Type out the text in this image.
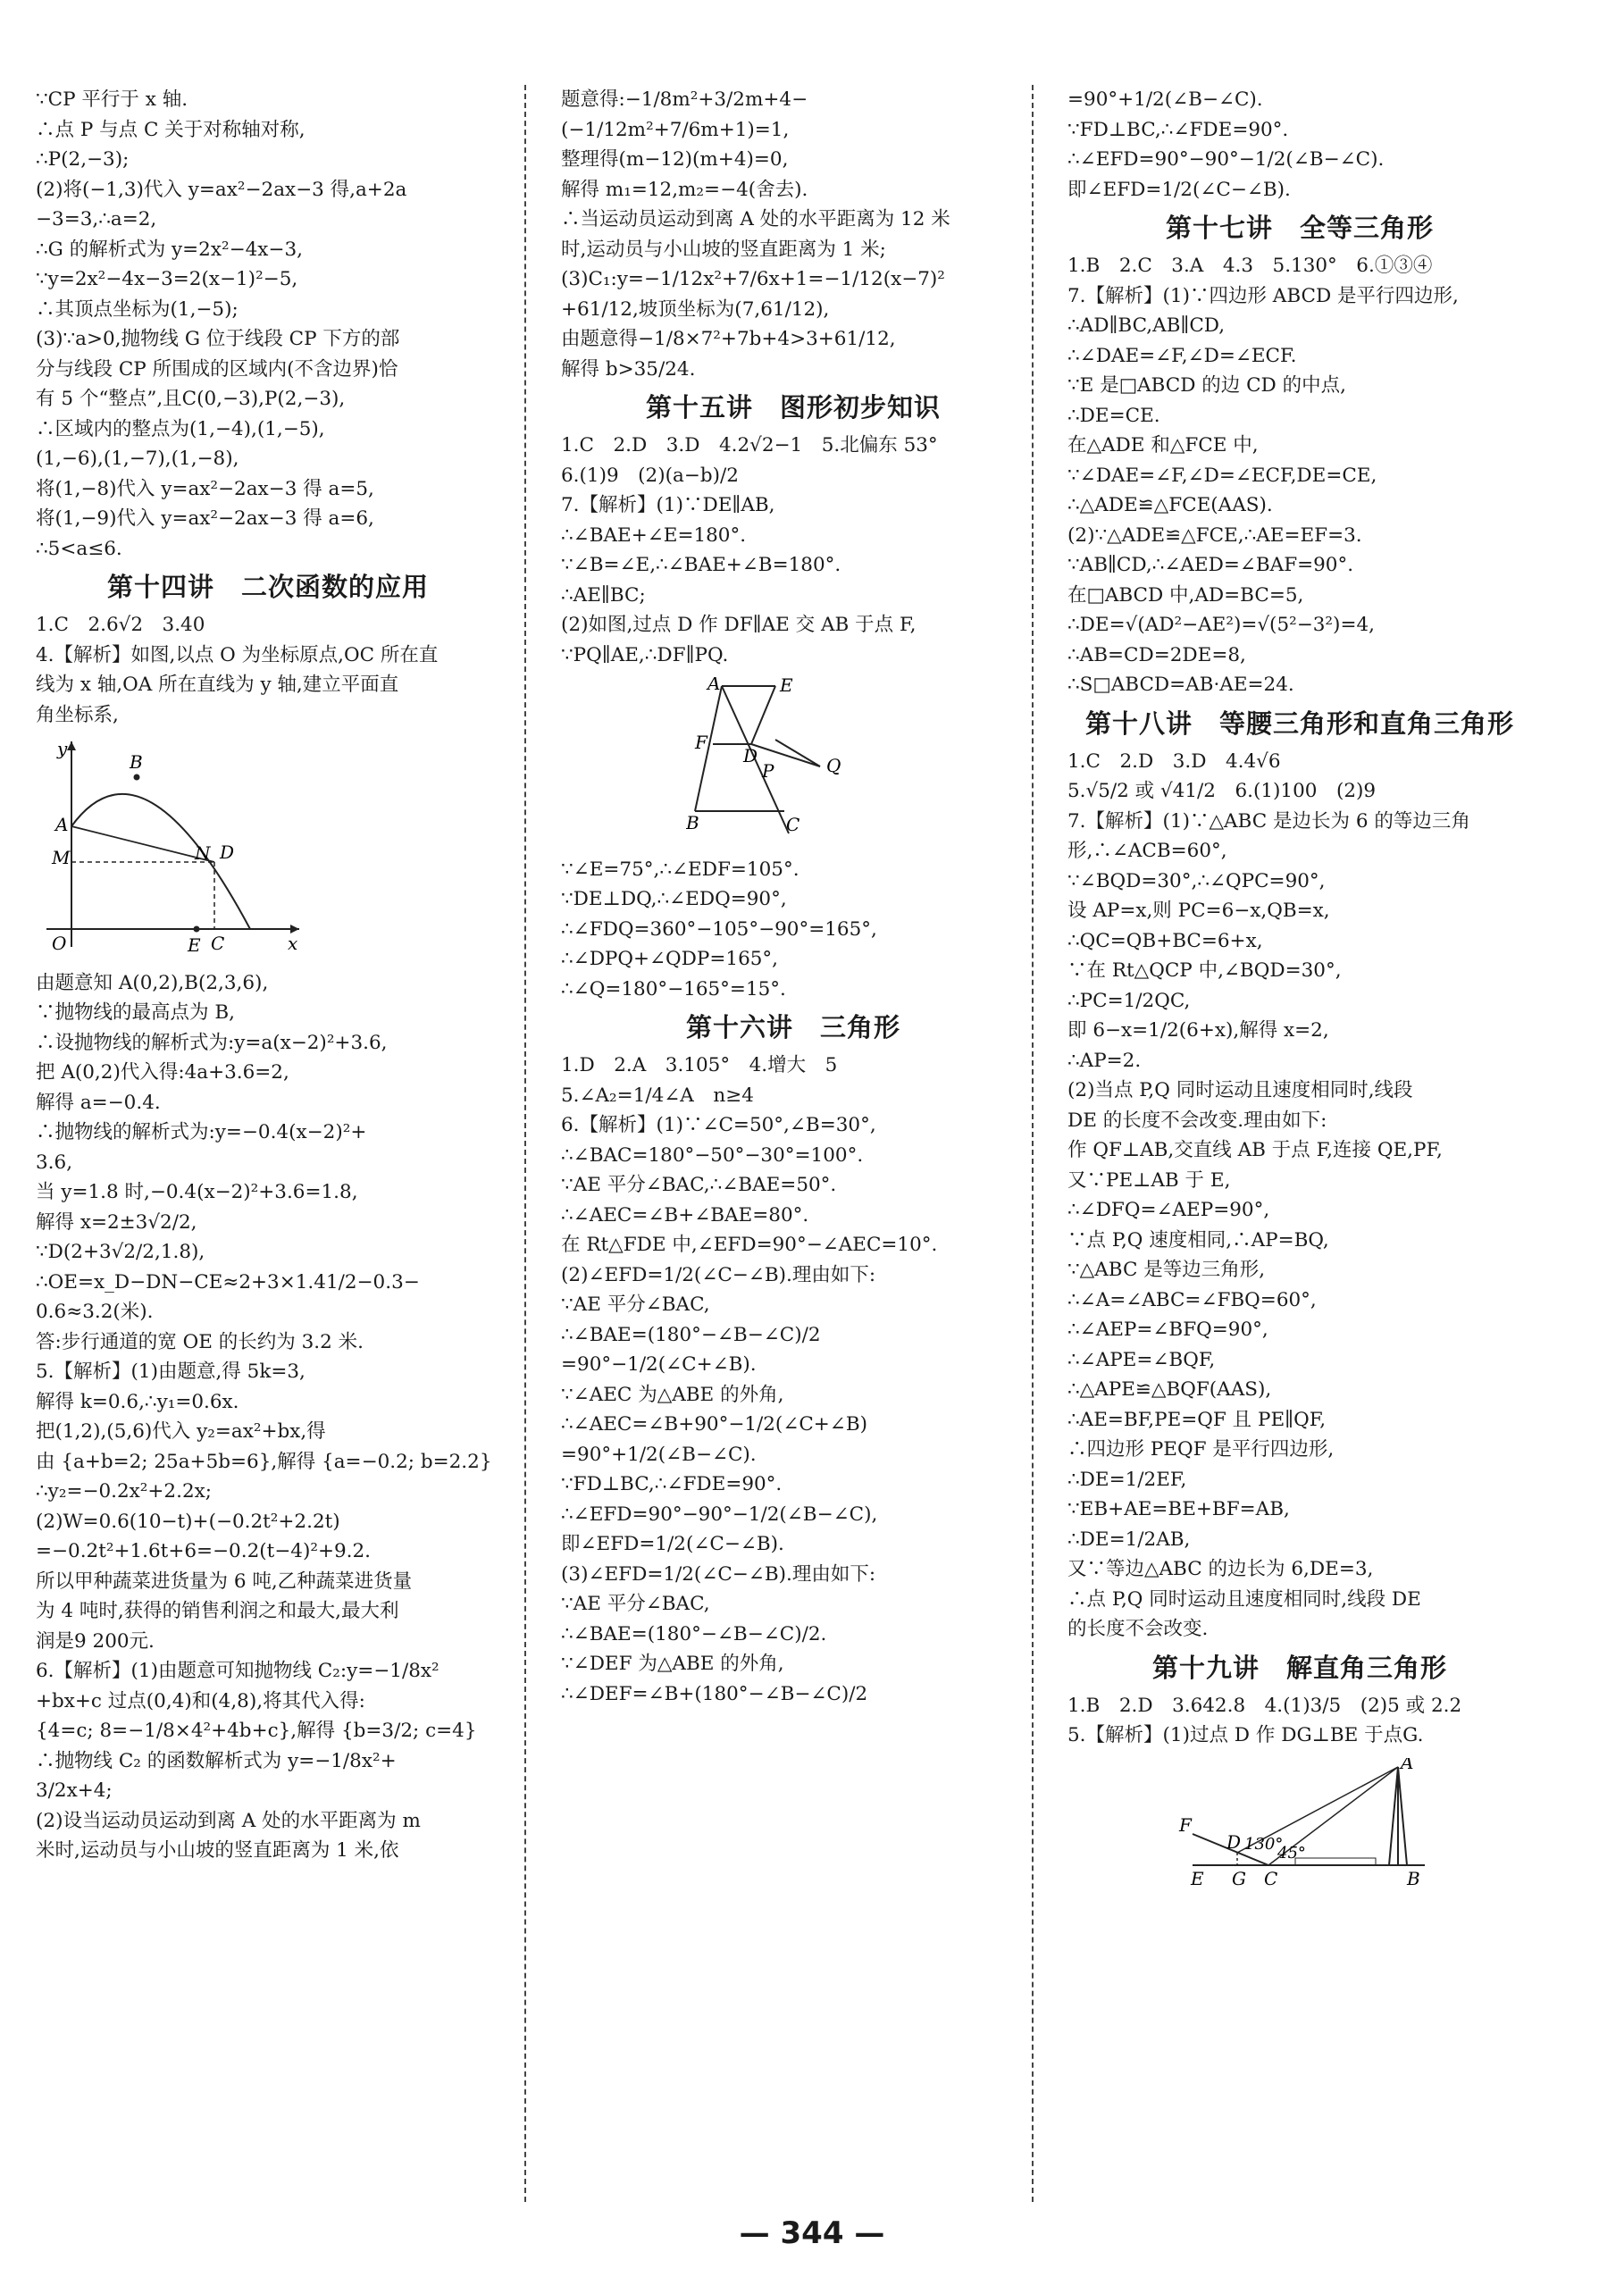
∵CP 平行于 x 轴.
∴点 P 与点 C 关于对称轴对称,
∴P(2,−3);
(2)将(−1,3)代入 y=ax²−2ax−3 得,a+2a
−3=3,∴a=2,
∴G 的解析式为 y=2x²−4x−3,
∵y=2x²−4x−3=2(x−1)²−5,
∴其顶点坐标为(1,−5);
(3)∵a>0,抛物线 G 位于线段 CP 下方的部
分与线段 CP 所围成的区域内(不含边界)恰
有 5 个“整点”,且C(0,−3),P(2,−3),
∴区域内的整点为(1,−4),(1,−5),
(1,−6),(1,−7),(1,−8),
将(1,−8)代入 y=ax²−2ax−3 得 a=5,
将(1,−9)代入 y=ax²−2ax−3 得 a=6,
∴5<a≤6.
第十四讲　二次函数的应用
1.C　2.6√2　3.40
4.【解析】如图,以点 O 为坐标原点,OC 所在直
线为 x 轴,OA 所在直线为 y 轴,建立平面直
角坐标系,
y
x
B
A
M	N D
O	E C
由题意知 A(0,2),B(2,3,6),
∵抛物线的最高点为 B,
∴设抛物线的解析式为:y=a(x−2)²+3.6,
把 A(0,2)代入得:4a+3.6=2,
解得 a=−0.4.
∴抛物线的解析式为:y=−0.4(x−2)²+
3.6,
当 y=1.8 时,−0.4(x−2)²+3.6=1.8,
解得 x=2±3√2/2,
∵D(2+3√2/2,1.8),
∴OE=x_D−DN−CE≈2+3×1.41/2−0.3−
0.6≈3.2(米).
答:步行通道的宽 OE 的长约为 3.2 米.
5.【解析】(1)由题意,得 5k=3,
解得 k=0.6,∴y₁=0.6x.
把(1,2),(5,6)代入 y₂=ax²+bx,得
由 {a+b=2; 25a+5b=6},解得 {a=−0.2; b=2.2}
∴y₂=−0.2x²+2.2x;
(2)W=0.6(10−t)+(−0.2t²+2.2t)
=−0.2t²+1.6t+6=−0.2(t−4)²+9.2.
所以甲种蔬菜进货量为 6 吨,乙种蔬菜进货量
为 4 吨时,获得的销售利润之和最大,最大利
润是9 200元.
6.【解析】(1)由题意可知抛物线 C₂:y=−1/8x²
+bx+c 过点(0,4)和(4,8),将其代入得:
{4=c; 8=−1/8×4²+4b+c},解得 {b=3/2; c=4}
∴抛物线 C₂ 的函数解析式为 y=−1/8x²+
3/2x+4;
(2)设当运动员运动到离 A 处的水平距离为 m
米时,运动员与小山坡的竖直距离为 1 米,依
题意得:−1/8m²+3/2m+4−
(−1/12m²+7/6m+1)=1,
整理得(m−12)(m+4)=0,
解得 m₁=12,m₂=−4(舍去).
∴当运动员运动到离 A 处的水平距离为 12 米
时,运动员与小山坡的竖直距离为 1 米;
(3)C₁:y=−1/12x²+7/6x+1=−1/12(x−7)²
+61/12,坡顶坐标为(7,61/12),
由题意得−1/8×7²+7b+4>3+61/12,
解得 b>35/24.
第十五讲　图形初步知识
1.C　2.D　3.D　4.2√2−1　5.北偏东 53°
6.(1)9　(2)(a−b)/2
7.【解析】(1)∵DE∥AB,
∴∠BAE+∠E=180°.
∵∠B=∠E,∴∠BAE+∠B=180°.
∴AE∥BC;
(2)如图,过点 D 作 DF∥AE 交 AB 于点 F,
∵PQ∥AE,∴DF∥PQ.
A	E
F
D
P	Q
B	C
∵∠E=75°,∴∠EDF=105°.
∵DE⊥DQ,∴∠EDQ=90°,
∴∠FDQ=360°−105°−90°=165°,
∴∠DPQ+∠QDP=165°,
∴∠Q=180°−165°=15°.
第十六讲　三角形
1.D　2.A　3.105°　4.增大　5
5.∠A₂=1/4∠A　n≥4
6.【解析】(1)∵∠C=50°,∠B=30°,
∴∠BAC=180°−50°−30°=100°.
∵AE 平分∠BAC,∴∠BAE=50°.
∴∠AEC=∠B+∠BAE=80°.
在 Rt△FDE 中,∠EFD=90°−∠AEC=10°.
(2)∠EFD=1/2(∠C−∠B).理由如下:
∵AE 平分∠BAC,
∴∠BAE=(180°−∠B−∠C)/2
=90°−1/2(∠C+∠B).
∵∠AEC 为△ABE 的外角,
∴∠AEC=∠B+90°−1/2(∠C+∠B)
=90°+1/2(∠B−∠C).
∵FD⊥BC,∴∠FDE=90°.
∴∠EFD=90°−90°−1/2(∠B−∠C),
即∠EFD=1/2(∠C−∠B).
(3)∠EFD=1/2(∠C−∠B).理由如下:
∵AE 平分∠BAC,
∴∠BAE=(180°−∠B−∠C)/2.
∵∠DEF 为△ABE 的外角,
∴∠DEF=∠B+(180°−∠B−∠C)/2
=90°+1/2(∠B−∠C).
∵FD⊥BC,∴∠FDE=90°.
∴∠EFD=90°−90°−1/2(∠B−∠C).
即∠EFD=1/2(∠C−∠B).
第十七讲　全等三角形
1.B　2.C　3.A　4.3　5.130°　6.①③④
7.【解析】(1)∵四边形 ABCD 是平行四边形,
∴AD∥BC,AB∥CD,
∴∠DAE=∠F,∠D=∠ECF.
∵E 是□ABCD 的边 CD 的中点,
∴DE=CE.
在△ADE 和△FCE 中,
∵∠DAE=∠F,∠D=∠ECF,DE=CE,
∴△ADE≌△FCE(AAS).
(2)∵△ADE≌△FCE,∴AE=EF=3.
∵AB∥CD,∴∠AED=∠BAF=90°.
在□ABCD 中,AD=BC=5,
∴DE=√(AD²−AE²)=√(5²−3²)=4,
∴AB=CD=2DE=8,
∴S□ABCD=AB·AE=24.
第十八讲　等腰三角形和直角三角形
1.C　2.D　3.D　4.4√6
5.√5/2 或 √41/2　6.(1)100　(2)9
7.【解析】(1)∵△ABC 是边长为 6 的等边三角
形,∴∠ACB=60°,
∵∠BQD=30°,∴∠QPC=90°,
设 AP=x,则 PC=6−x,QB=x,
∴QC=QB+BC=6+x,
∵在 Rt△QCP 中,∠BQD=30°,
∴PC=1/2QC,
即 6−x=1/2(6+x),解得 x=2,
∴AP=2.
(2)当点 P,Q 同时运动且速度相同时,线段
DE 的长度不会改变.理由如下:
作 QF⊥AB,交直线 AB 于点 F,连接 QE,PF,
又∵PE⊥AB 于 E,
∴∠DFQ=∠AEP=90°,
∵点 P,Q 速度相同,∴AP=BQ,
∵△ABC 是等边三角形,
∴∠A=∠ABC=∠FBQ=60°,
∴∠AEP=∠BFQ=90°,
∴∠APE=∠BQF,
∴△APE≌△BQF(AAS),
∴AE=BF,PE=QF 且 PE∥QF,
∴四边形 PEQF 是平行四边形,
∴DE=1/2EF,
∵EB+AE=BE+BF=AB,
∴DE=1/2AB,
又∵等边△ABC 的边长为 6,DE=3,
∴点 P,Q 同时运动且速度相同时,线段 DE
的长度不会改变.
第十九讲　解直角三角形
1.B　2.D　3.642.8　4.(1)3/5　(2)5 或 2.2
5.【解析】(1)过点 D 作 DG⊥BE 于点G.
A
F
D 130°
45°
E G C	B
— 344 —
